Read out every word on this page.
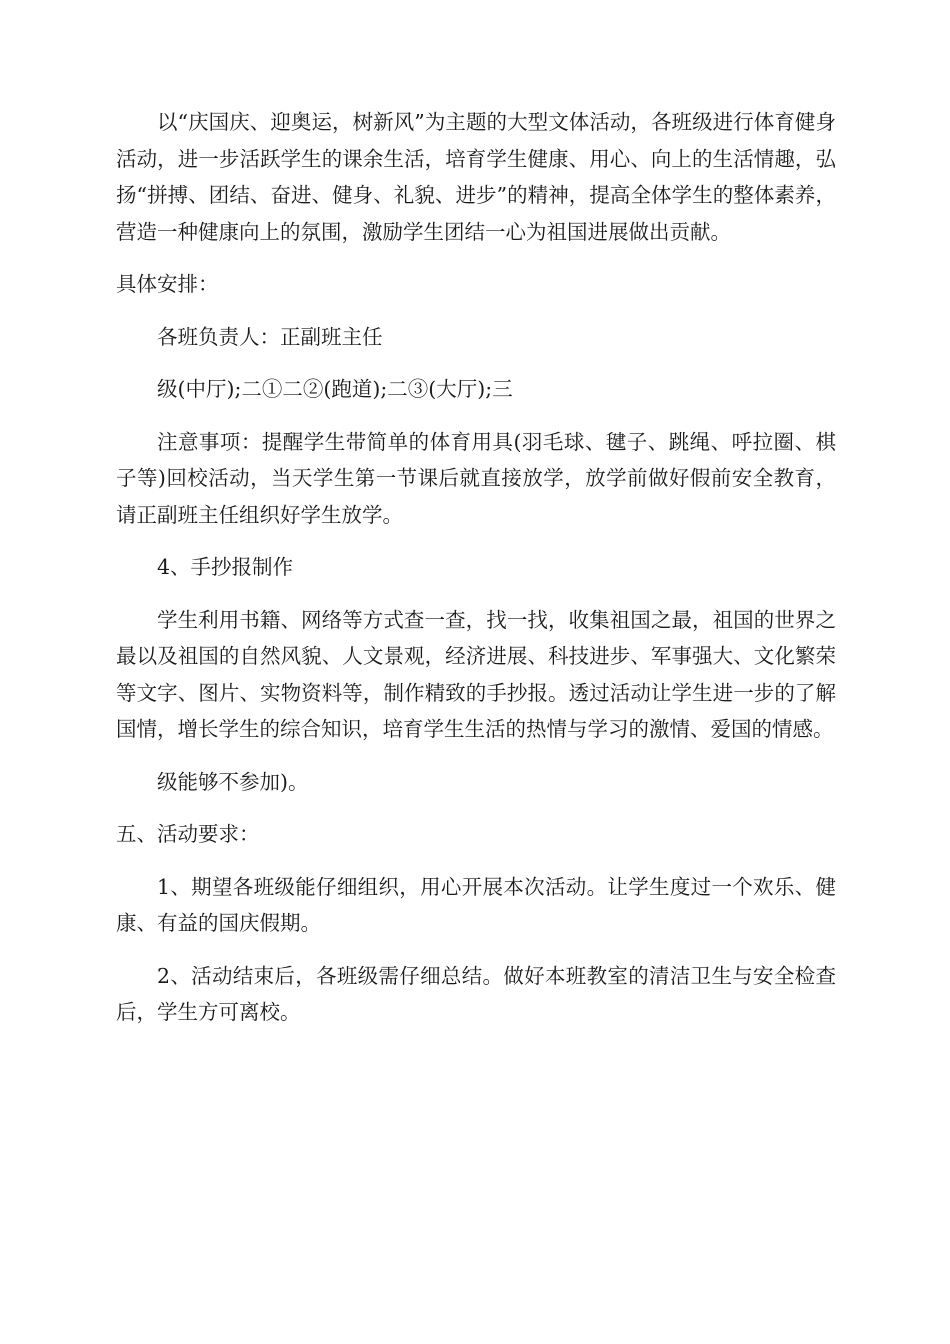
以“庆国庆、迎奥运，树新风”为主题的大型文体活动，各班级进行体育健身活动，进一步活跃学生的课余生活，培育学生健康、用心、向上的生活情趣，弘扬“拼搏、团结、奋进、健身、礼貌、进步”的精神，提高全体学生的整体素养，营造一种健康向上的氛围，激励学生团结一心为祖国进展做出贡献。

具体安排：

各班负责人：正副班主任

级(中厅);二①二②(跑道);二③(大厅);三

注意事项：提醒学生带简单的体育用具(羽毛球、毽子、跳绳、呼拉圈、棋子等)回校活动，当天学生第一节课后就直接放学，放学前做好假前安全教育，请正副班主任组织好学生放学。

4、手抄报制作

学生利用书籍、网络等方式查一查，找一找，收集祖国之最，祖国的世界之最以及祖国的自然风貌、人文景观，经济进展、科技进步、军事强大、文化繁荣等文字、图片、实物资料等，制作精致的手抄报。透过活动让学生进一步的了解国情，增长学生的综合知识，培育学生生活的热情与学习的激情、爱国的情感。

级能够不参加)。

五、活动要求：

1、期望各班级能仔细组织，用心开展本次活动。让学生度过一个欢乐、健康、有益的国庆假期。

2、活动结束后，各班级需仔细总结。做好本班教室的清洁卫生与安全检查后，学生方可离校。
